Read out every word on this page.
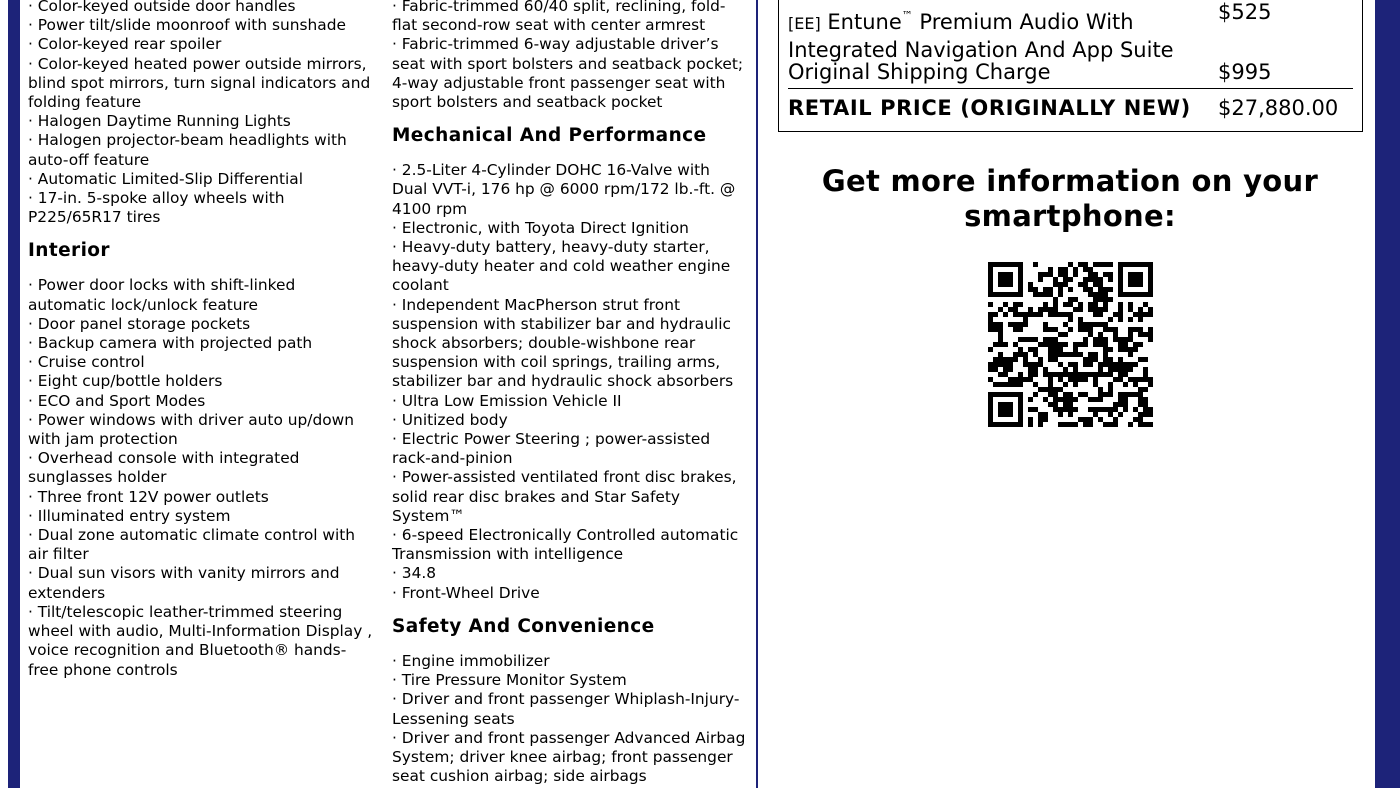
· Color-keyed outside door handles
· Power tilt/slide moonroof with sunshade
· Color-keyed rear spoiler
· Color-keyed heated power outside mirrors, blind spot mirrors, turn signal indicators and folding feature
· Halogen Daytime Running Lights
· Halogen projector-beam headlights with auto-off feature
· Automatic Limited-Slip Differential
· 17-in. 5-spoke alloy wheels with P225/65R17 tires
Interior
· Power door locks with shift-linked automatic lock/unlock feature
· Door panel storage pockets
· Backup camera with projected path
· Cruise control
· Eight cup/bottle holders
· ECO and Sport Modes
· Power windows with driver auto up/down with jam protection
· Overhead console with integrated sunglasses holder
· Three front 12V power outlets
· Illuminated entry system
· Dual zone automatic climate control with air filter
· Dual sun visors with vanity mirrors and extenders
· Tilt/telescopic leather-trimmed steering wheel with audio, Multi-Information Display , voice recognition and Bluetooth® hands-free phone controls
· Fabric-trimmed 60/40 split, reclining, fold-flat second-row seat with center armrest
· Fabric-trimmed 6-way adjustable driver’s seat with sport bolsters and seatback pocket; 4-way adjustable front passenger seat with sport bolsters and seatback pocket
Mechanical And Performance
· 2.5-Liter 4-Cylinder DOHC 16-Valve with Dual VVT-i, 176 hp @ 6000 rpm/172 lb.-ft. @ 4100 rpm
· Electronic, with Toyota Direct Ignition
· Heavy-duty battery, heavy-duty starter, heavy-duty heater and cold weather engine coolant
· Independent MacPherson strut front suspension with stabilizer bar and hydraulic shock absorbers; double-wishbone rear suspension with coil springs, trailing arms, stabilizer bar and hydraulic shock absorbers
· Ultra Low Emission Vehicle II
· Unitized body
· Electric Power Steering ; power-assisted rack-and-pinion
· Power-assisted ventilated front disc brakes, solid rear disc brakes and Star Safety System™
· 6-speed Electronically Controlled automatic Transmission with intelligence
· 34.8
· Front-Wheel Drive
Safety And Convenience
· Engine immobilizer
· Tire Pressure Monitor System
· Driver and front passenger Whiplash-Injury-Lessening seats
· Driver and front passenger Advanced Airbag System; driver knee airbag; front passenger seat cushion airbag; side airbags
[EE] Entune™ Premium Audio With Integrated Navigation And App Suite
$525
Original Shipping Charge	$995
RETAIL PRICE (ORIGINALLY NEW)	$27,880.00
Get more information on your smartphone:
